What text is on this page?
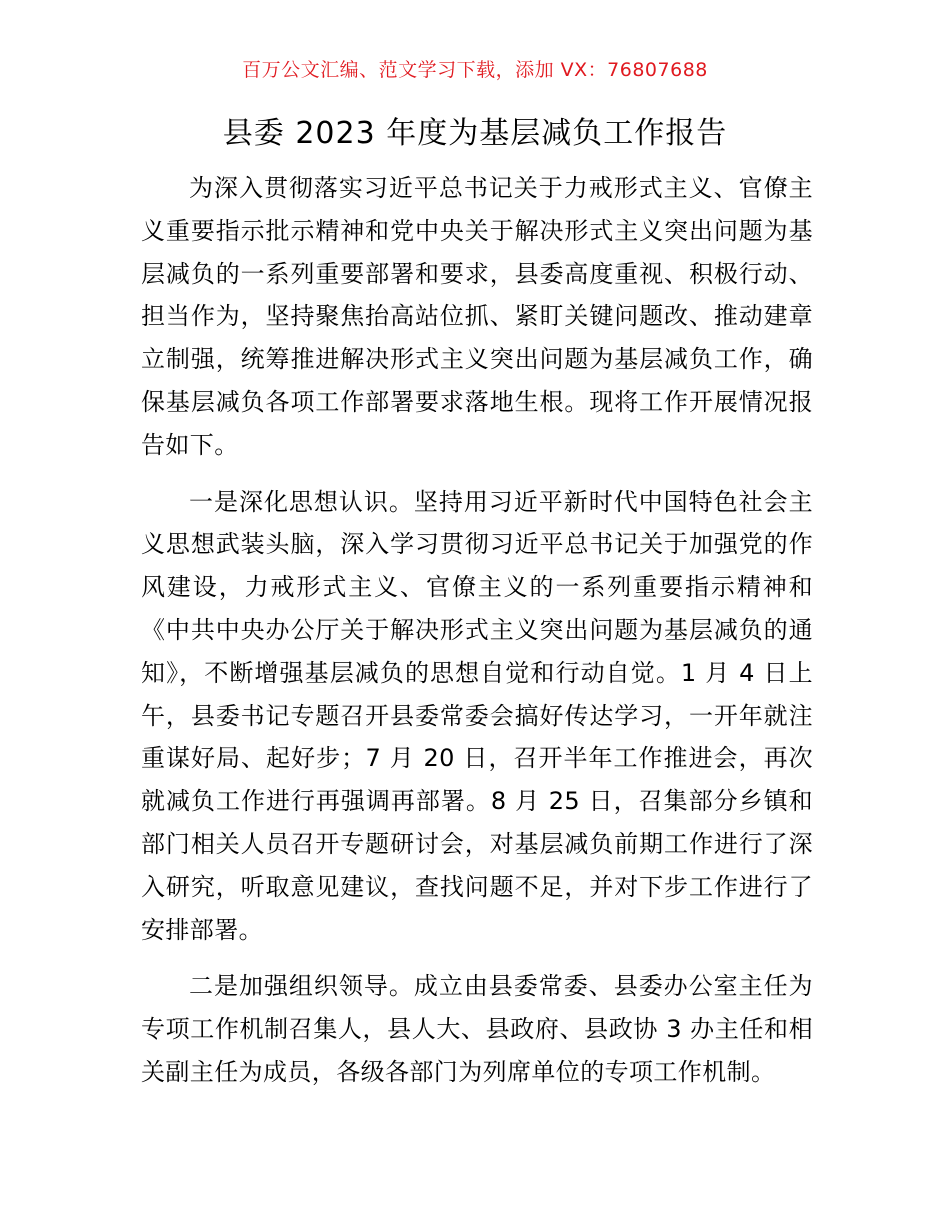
百万公文汇编、范文学习下载，添加 VX：76807688
县委 2023 年度为基层减负工作报告

为深入贯彻落实习近平总书记关于力戒形式主义、官僚主义重要指示批示精神和党中央关于解决形式主义突出问题为基层减负的一系列重要部署和要求，县委高度重视、积极行动、担当作为，坚持聚焦抬高站位抓、紧盯关键问题改、推动建章立制强，统筹推进解决形式主义突出问题为基层减负工作，确保基层减负各项工作部署要求落地生根。现将工作开展情况报告如下。

一是深化思想认识。坚持用习近平新时代中国特色社会主义思想武装头脑，深入学习贯彻习近平总书记关于加强党的作风建设，力戒形式主义、官僚主义的一系列重要指示精神和《中共中央办公厅关于解决形式主义突出问题为基层减负的通知》，不断增强基层减负的思想自觉和行动自觉。1 月 4 日上午，县委书记专题召开县委常委会搞好传达学习，一开年就注重谋好局、起好步；7 月 20 日，召开半年工作推进会，再次就减负工作进行再强调再部署。8 月 25 日，召集部分乡镇和部门相关人员召开专题研讨会，对基层减负前期工作进行了深入研究，听取意见建议，查找问题不足，并对下步工作进行了安排部署。

二是加强组织领导。成立由县委常委、县委办公室主任为专项工作机制召集人，县人大、县政府、县政协 3 办主任和相关副主任为成员，各级各部门为列席单位的专项工作机制。
